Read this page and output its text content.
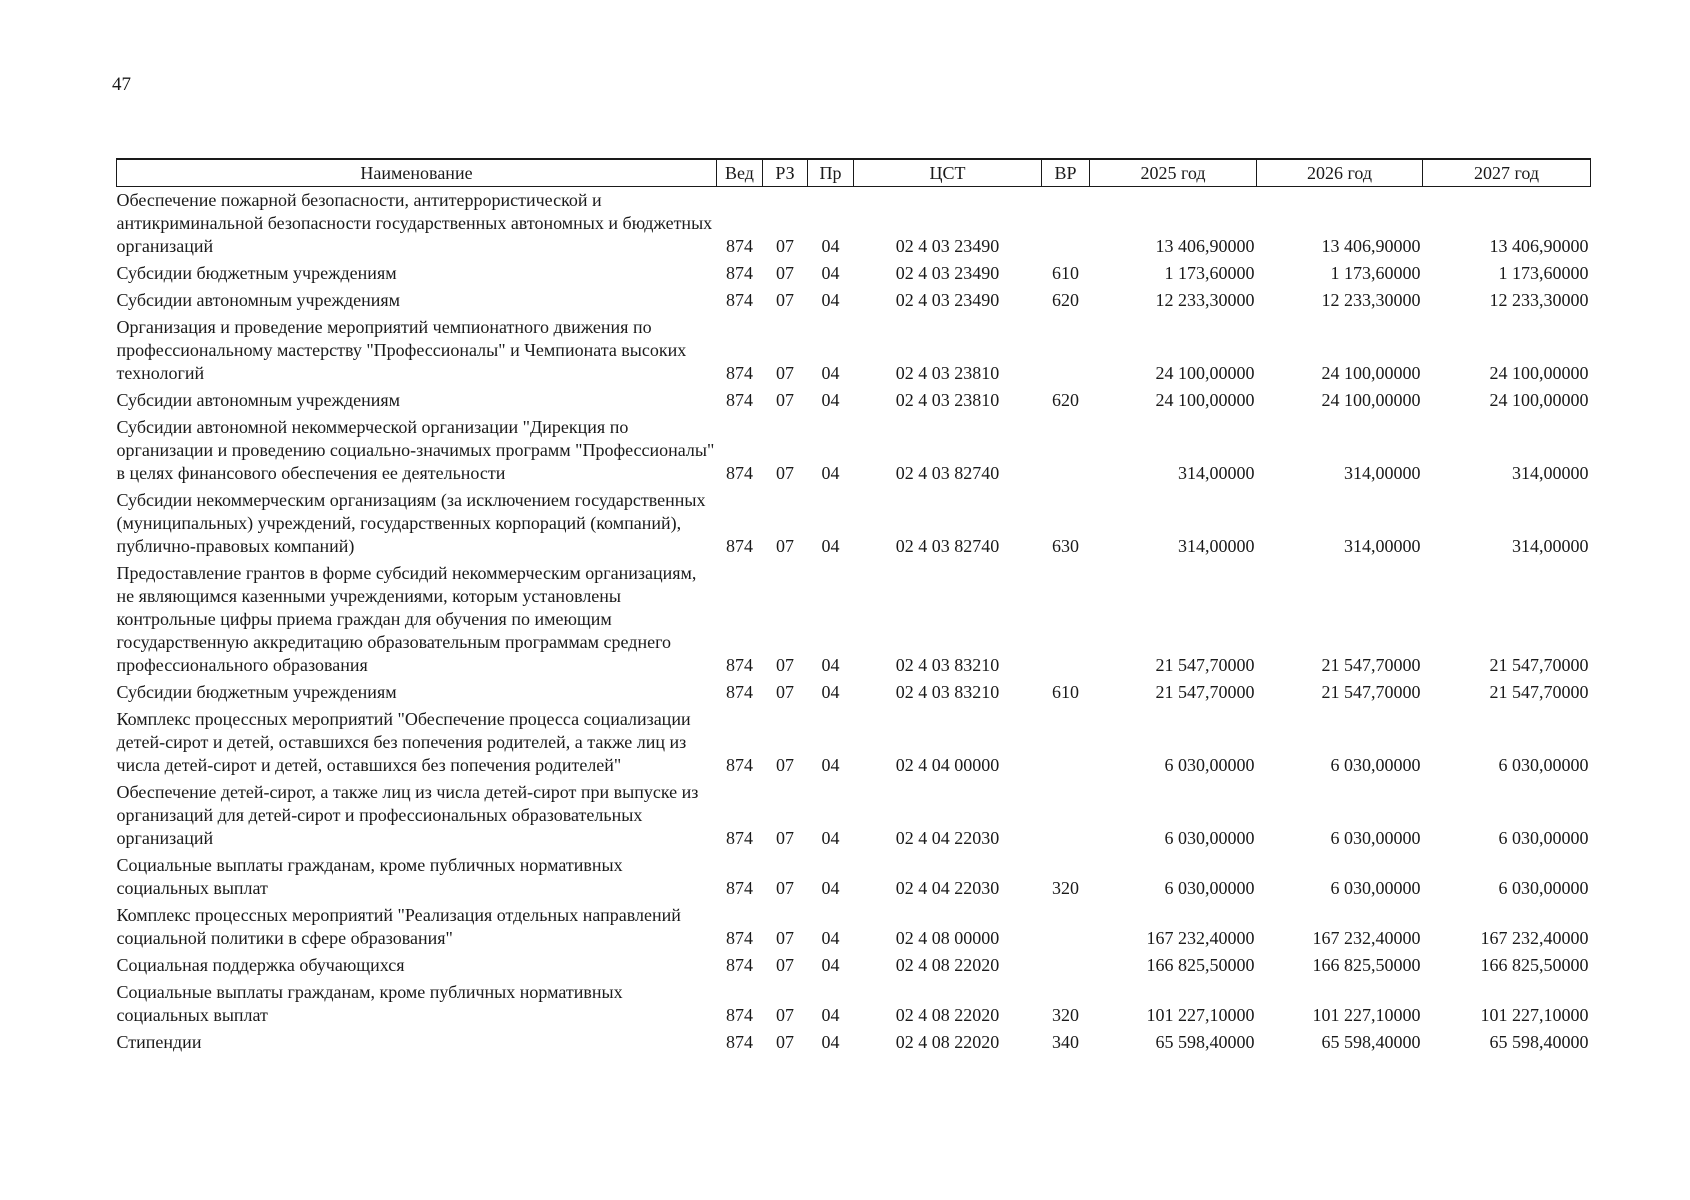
47
Наименование	Вед	РЗ	Пр	ЦСТ	ВР	2025 год	2026 год	2027 год
Обеспечение пожарной безопасности, антитеррористической и антикриминальной безопасности государственных автономных и бюджетных организаций	874	07	04	02 4 03 23490		13 406,90000	13 406,90000	13 406,90000
Субсидии бюджетным учреждениям	874	07	04	02 4 03 23490	610	1 173,60000	1 173,60000	1 173,60000
Субсидии автономным учреждениям	874	07	04	02 4 03 23490	620	12 233,30000	12 233,30000	12 233,30000
Организация и проведение мероприятий чемпионатного движения по профессиональному мастерству "Профессионалы" и Чемпионата высоких технологий	874	07	04	02 4 03 23810		24 100,00000	24 100,00000	24 100,00000
Субсидии автономным учреждениям	874	07	04	02 4 03 23810	620	24 100,00000	24 100,00000	24 100,00000
Субсидии автономной некоммерческой организации "Дирекция по организации и проведению социально-значимых программ "Профессионалы" в целях финансового обеспечения ее деятельности	874	07	04	02 4 03 82740		314,00000	314,00000	314,00000
Субсидии некоммерческим организациям (за исключением государственных (муниципальных) учреждений, государственных корпораций (компаний), публично-правовых компаний)	874	07	04	02 4 03 82740	630	314,00000	314,00000	314,00000
Предоставление грантов в форме субсидий некоммерческим организациям, не являющимся казенными учреждениями, которым установлены контрольные цифры приема граждан для обучения по имеющим государственную аккредитацию образовательным программам среднего профессионального образования	874	07	04	02 4 03 83210		21 547,70000	21 547,70000	21 547,70000
Субсидии бюджетным учреждениям	874	07	04	02 4 03 83210	610	21 547,70000	21 547,70000	21 547,70000
Комплекс процессных мероприятий "Обеспечение процесса социализации детей-сирот и детей, оставшихся без попечения родителей, а также лиц из числа детей-сирот и детей, оставшихся без попечения родителей"	874	07	04	02 4 04 00000		6 030,00000	6 030,00000	6 030,00000
Обеспечение детей-сирот, а также лиц из числа детей-сирот при выпуске из организаций для детей-сирот и профессиональных образовательных организаций	874	07	04	02 4 04 22030		6 030,00000	6 030,00000	6 030,00000
Социальные выплаты гражданам, кроме публичных нормативных социальных выплат	874	07	04	02 4 04 22030	320	6 030,00000	6 030,00000	6 030,00000
Комплекс процессных мероприятий "Реализация отдельных направлений социальной политики в сфере образования"	874	07	04	02 4 08 00000		167 232,40000	167 232,40000	167 232,40000
Социальная поддержка обучающихся	874	07	04	02 4 08 22020		166 825,50000	166 825,50000	166 825,50000
Социальные выплаты гражданам, кроме публичных нормативных социальных выплат	874	07	04	02 4 08 22020	320	101 227,10000	101 227,10000	101 227,10000
Стипендии	874	07	04	02 4 08 22020	340	65 598,40000	65 598,40000	65 598,40000
